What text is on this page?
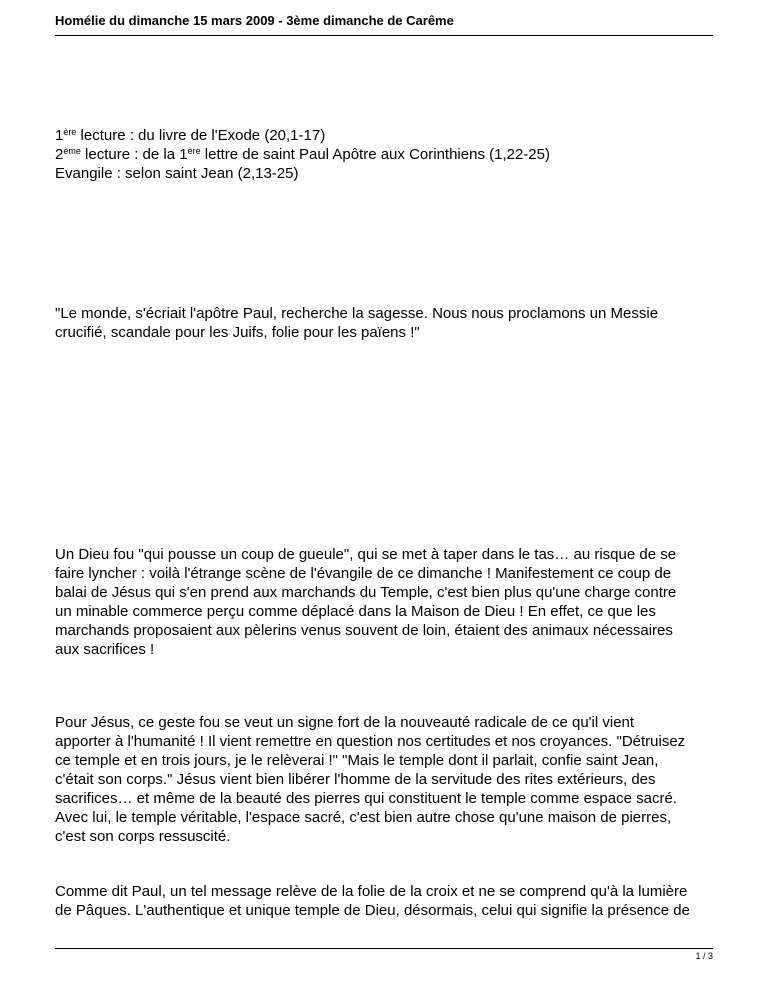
Homélie du dimanche 15 mars 2009 - 3ème dimanche de Carême
1ère lecture : du livre de l'Exode (20,1-17)
2ème lecture : de la 1ère lettre de saint Paul Apôtre aux Corinthiens (1,22-25)
Evangile : selon saint Jean (2,13-25)
"Le monde, s'écriait l'apôtre Paul, recherche la sagesse. Nous nous proclamons un Messie
crucifié, scandale pour les Juifs, folie pour les païens !"
Un Dieu fou "qui pousse un coup de gueule", qui se met à taper dans le tas… au risque de se
faire lyncher : voilà l'étrange scène de l'évangile de ce dimanche ! Manifestement ce coup de
balai de Jésus qui s'en prend aux marchands du Temple, c'est bien plus qu'une charge contre
un minable commerce perçu comme déplacé dans la Maison de Dieu ! En effet, ce que les
marchands proposaient aux pèlerins venus souvent de loin, étaient des animaux nécessaires
aux sacrifices !
Pour Jésus, ce geste fou se veut un signe fort de la nouveauté radicale de ce qu'il vient
apporter à l'humanité ! Il vient remettre en question nos certitudes et nos croyances. "Détruisez
ce temple et en trois jours, je le relèverai !" "Mais le temple dont il parlait, confie saint Jean,
c'était son corps." Jésus vient bien libérer l'homme de la servitude des rites extérieurs, des
sacrifices… et même de la beauté des pierres qui constituent le temple comme espace sacré.
Avec lui, le temple véritable, l'espace sacré, c'est bien autre chose qu'une maison de pierres,
c'est son corps ressuscité.
Comme dit Paul, un tel message relève de la folie de la croix et ne se comprend qu'à la lumière
de Pâques. L'authentique et unique temple de Dieu, désormais, celui qui signifie la présence de
1 / 3
